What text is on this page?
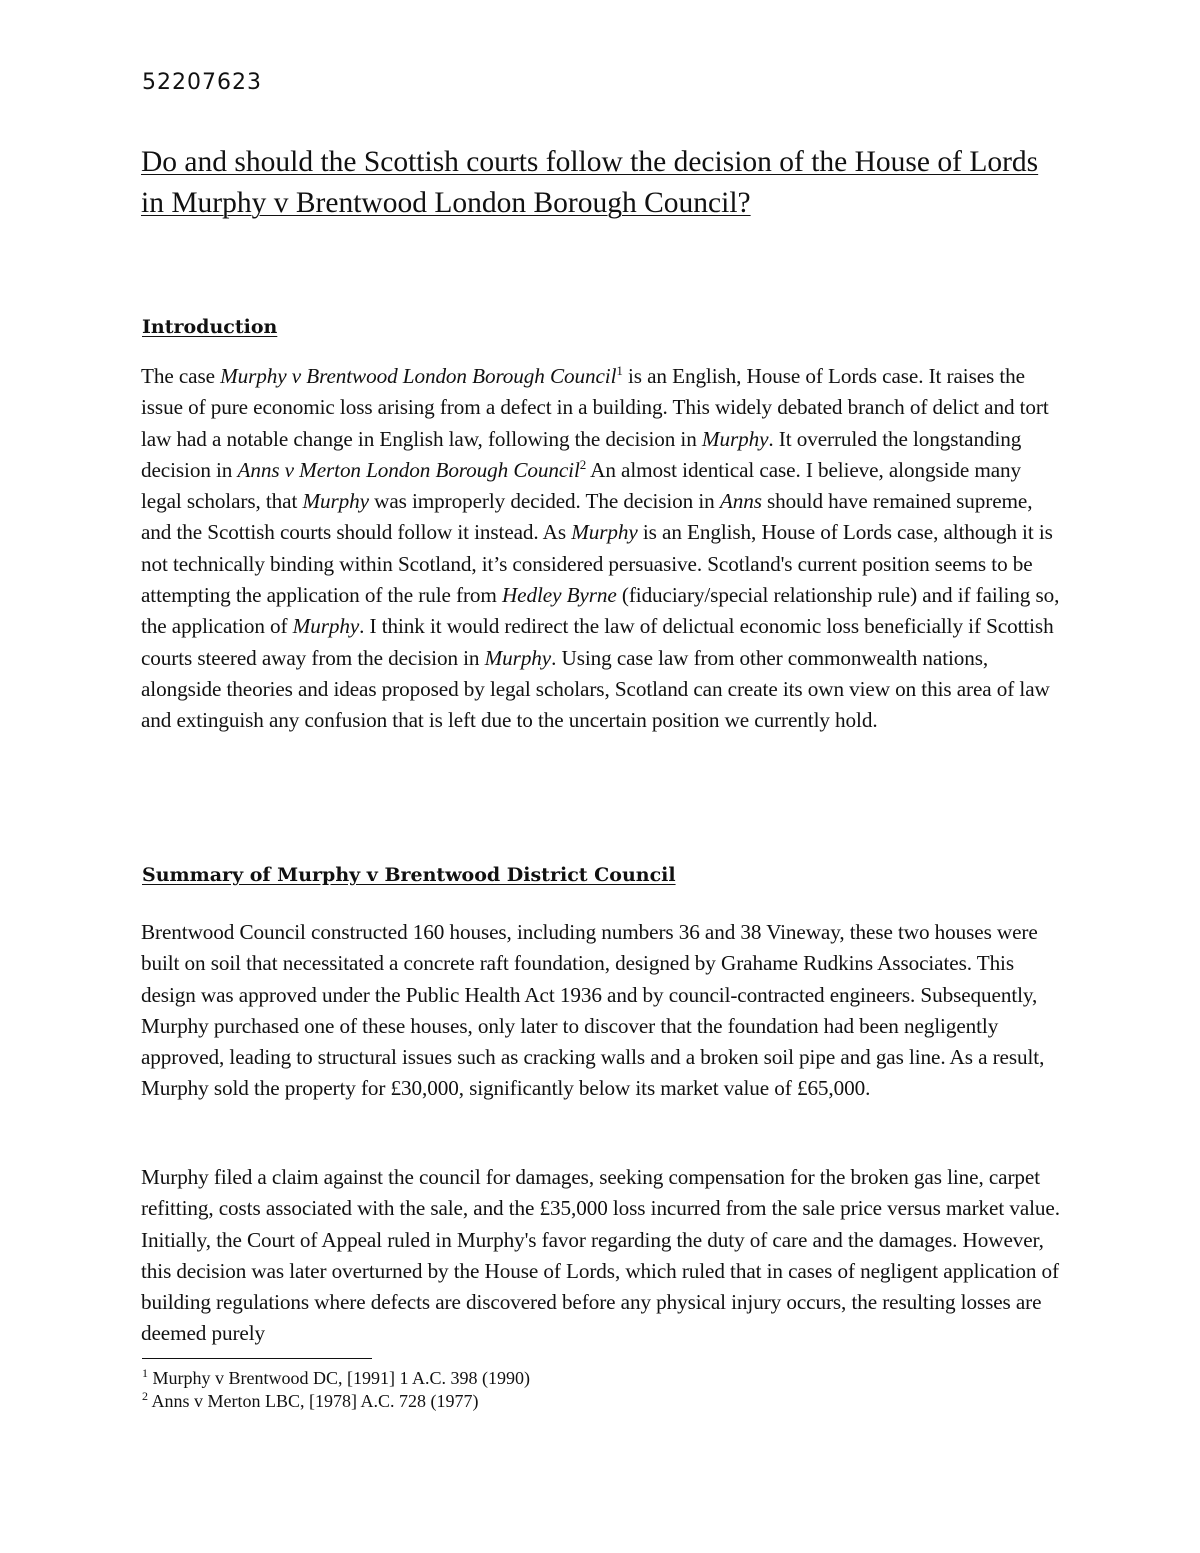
52207623
Do and should the Scottish courts follow the decision of the House of Lords in Murphy v Brentwood London Borough Council?
Introduction

The case Murphy v Brentwood London Borough Council$^1$ is an English, House of Lords case. It raises the issue of pure economic loss arising from a defect in a building. This widely debated branch of delict and tort law had a notable change in English law, following the decision in Murphy. It overruled the longstanding decision in Anns v Merton London Borough Council$^2$ An almost identical case. I believe, alongside many legal scholars, that Murphy was improperly decided. The decision in Anns should have remained supreme, and the Scottish courts should follow it instead. As Murphy is an English, House of Lords case, although it is not technically binding within Scotland, it’s considered persuasive. Scotland's current position seems to be attempting the application of the rule from Hedley Byrne (fiduciary/special relationship rule) and if failing so, the application of Murphy. I think it would redirect the law of delictual economic loss beneficially if Scottish courts steered away from the decision in Murphy. Using case law from other commonwealth nations, alongside theories and ideas proposed by legal scholars, Scotland can create its own view on this area of law and extinguish any confusion that is left due to the uncertain position we currently hold.

Summary of Murphy v Brentwood District Council

Brentwood Council constructed 160 houses, including numbers 36 and 38 Vineway, these two houses were built on soil that necessitated a concrete raft foundation, designed by Grahame Rudkins Associates. This design was approved under the Public Health Act 1936 and by council-contracted engineers. Subsequently, Murphy purchased one of these houses, only later to discover that the foundation had been negligently approved, leading to structural issues such as cracking walls and a broken soil pipe and gas line. As a result, Murphy sold the property for £30,000, significantly below its market value of £65,000.

Murphy filed a claim against the council for damages, seeking compensation for the broken gas line, carpet refitting, costs associated with the sale, and the £35,000 loss incurred from the sale price versus market value. Initially, the Court of Appeal ruled in Murphy's favor regarding the duty of care and the damages. However, this decision was later overturned by the House of Lords, which ruled that in cases of negligent application of building regulations where defects are discovered before any physical injury occurs, the resulting losses are deemed purely

$^1$ Murphy v Brentwood DC, [1991] 1 A.C. 398 (1990)

$^2$ Anns v Merton LBC, [1978] A.C. 728 (1977)
